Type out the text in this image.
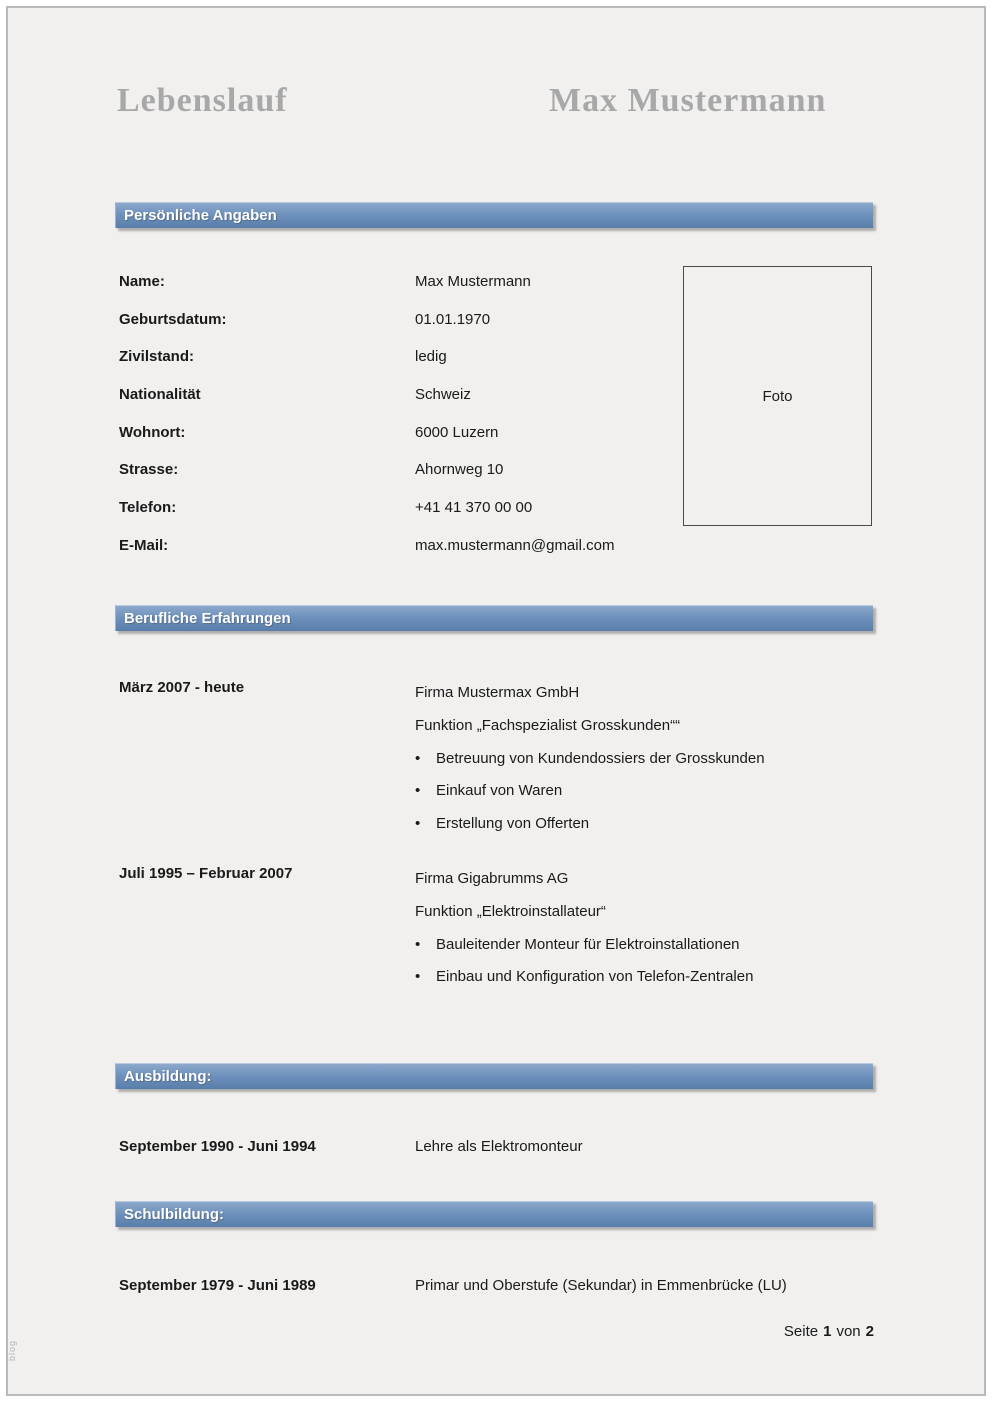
Lebenslauf	Max Mustermann
Persönliche Angaben
Name:	Max Mustermann
Geburtsdatum:	01.01.1970
Zivilstand:	ledig
Nationalität	Schweiz
Wohnort:	6000 Luzern
Strasse:	Ahornweg 10
Telefon:	+41 41 370 00 00
E-Mail:	max.mustermann@gmail.com
Foto
Berufliche Erfahrungen
März 2007 - heute	Firma Mustermax GmbH
Funktion „Fachspezialist Grosskunden““
• Betreuung von Kundendossiers der Grosskunden
• Einkauf von Waren
• Erstellung von Offerten
Juli 1995 – Februar 2007	Firma Gigabrumms AG
Funktion „Elektroinstallateur“
• Bauleitender Monteur für Elektroinstallationen
• Einbau und Konfiguration von Telefon-Zentralen
Ausbildung:
September 1990 - Juni 1994	Lehre als Elektromonteur
Schulbildung:
September 1979 - Juni 1989	Primar und Oberstufe (Sekundar) in Emmenbrücke (LU)
Seite 1 von 2
blog
